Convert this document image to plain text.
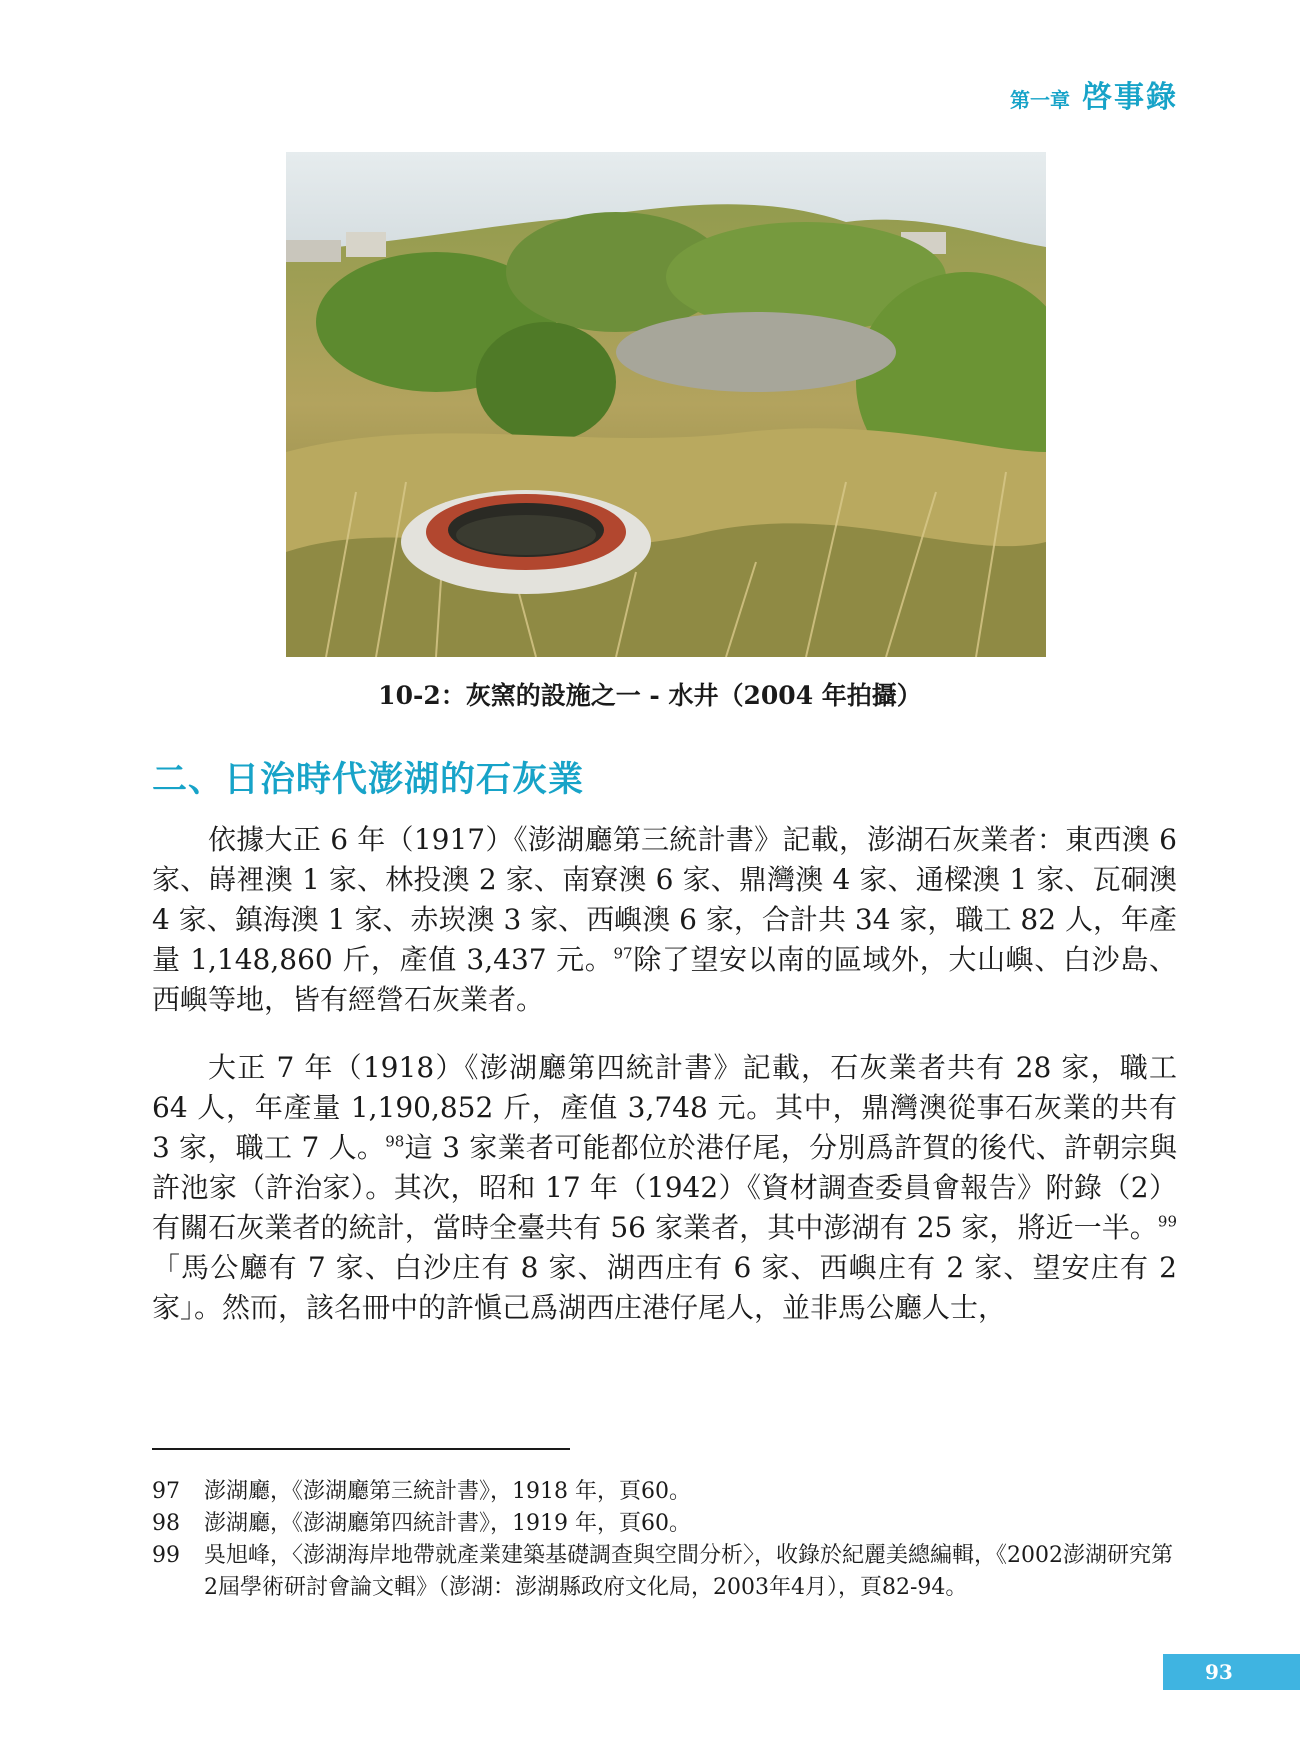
第一章 啓事錄
10-2：灰窯的設施之一 - 水井（2004 年拍攝）
二、日治時代澎湖的石灰業

依據大正 6 年（1917）《澎湖廳第三統計書》記載，澎湖石灰業者：東西澳 6 家、嵵裡澳 1 家、林投澳 2 家、南寮澳 6 家、鼎灣澳 4 家、通樑澳 1 家、瓦硐澳 4 家、鎮海澳 1 家、赤崁澳 3 家、西嶼澳 6 家，合計共 34 家，職工 82 人，年產量 1,148,860 斤，產值 3,437 元。$^{97}$除了望安以南的區域外，大山嶼、白沙島、西嶼等地，皆有經營石灰業者。

大正 7 年（1918）《澎湖廳第四統計書》記載，石灰業者共有 28 家，職工 64 人，年產量 1,190,852 斤，產值 3,748 元。其中，鼎灣澳從事石灰業的共有 3 家，職工 7 人。$^{98}$這 3 家業者可能都位於港仔尾，分別爲許賀的後代、許朝宗與許池家（許治家）。其次，昭和 17 年（1942）《資材調查委員會報告》附錄（2）有關石灰業者的統計，當時全臺共有 56 家業者，其中澎湖有 25 家，將近一半。$^{99}$「馬公廳有 7 家、白沙庄有 8 家、湖西庄有 6 家、西嶼庄有 2 家、望安庄有 2 家」。然而，該名冊中的許愼己爲湖西庄港仔尾人，並非馬公廳人士，

97	澎湖廳，《澎湖廳第三統計書》，1918 年，頁60。
98	澎湖廳，《澎湖廳第四統計書》，1919 年，頁60。
99	吳旭峰，〈澎湖海岸地帶就產業建築基礎調查與空間分析〉，收錄於紀麗美總編輯，《2002澎湖研究第2屆學術研討會論文輯》（澎湖：澎湖縣政府文化局，2003年4月），頁82-94。
93
